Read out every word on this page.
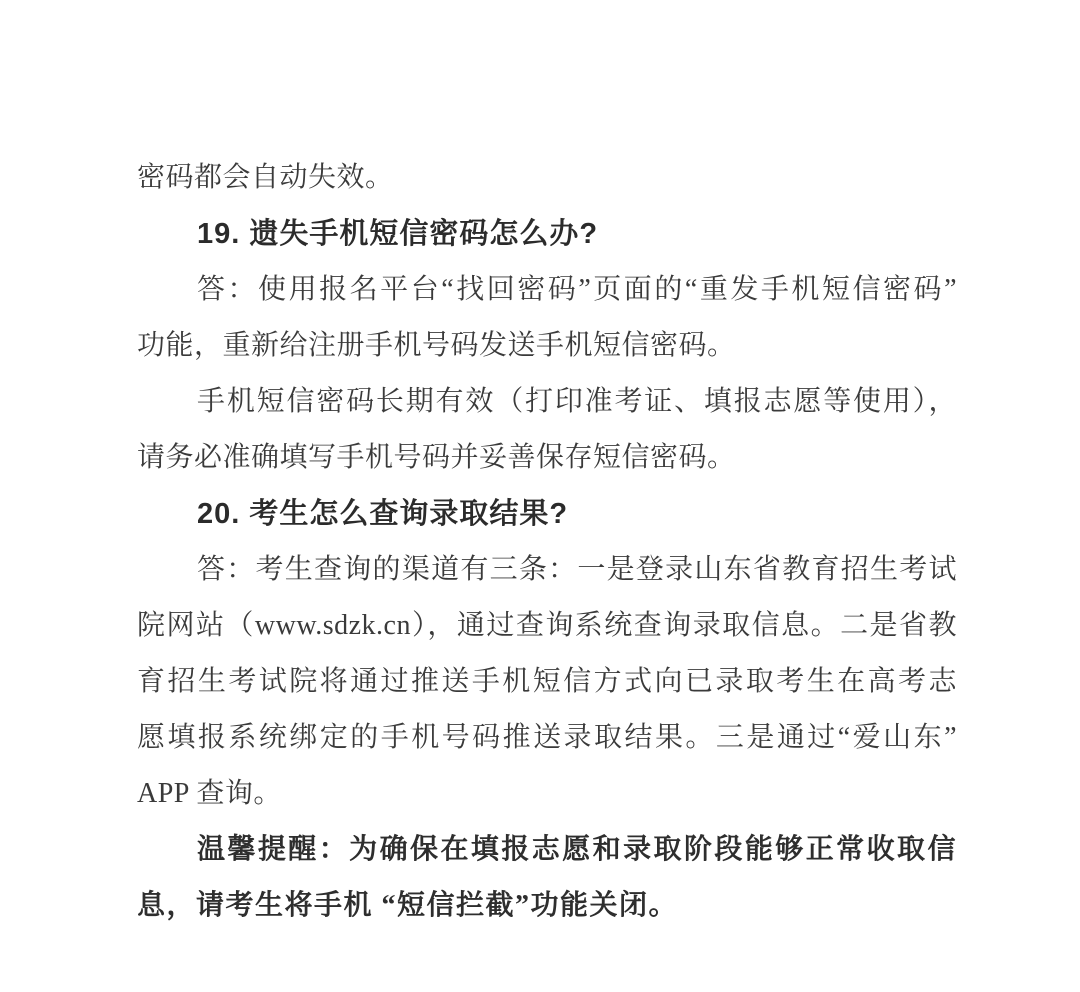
密码都会自动失效。
19. 遗失手机短信密码怎么办?
答：使用报名平台“找回密码”页面的“重发手机短信密码”
功能，重新给注册手机号码发送手机短信密码。
手机短信密码长期有效（打印准考证、填报志愿等使用），
请务必准确填写手机号码并妥善保存短信密码。
20. 考生怎么查询录取结果?
答：考生查询的渠道有三条：一是登录山东省教育招生考试
院网站（www.sdzk.cn），通过查询系统查询录取信息。二是省教
育招生考试院将通过推送手机短信方式向已录取考生在高考志
愿填报系统绑定的手机号码推送录取结果。三是通过“爱山东”
APP 查询。
温馨提醒：为确保在填报志愿和录取阶段能够正常收取信
息，请考生将手机 “短信拦截”功能关闭。
